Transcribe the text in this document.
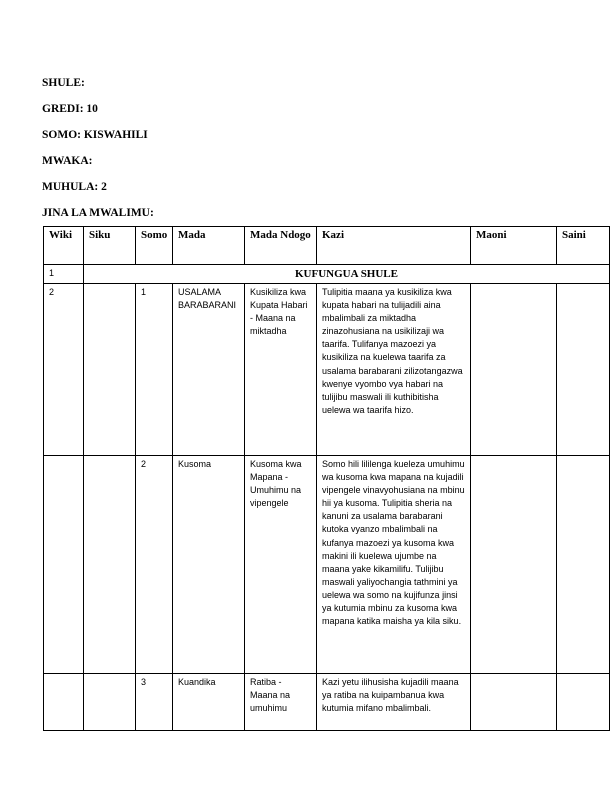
SHULE:
GREDI: 10
SOMO: KISWAHILI
MWAKA:
MUHULA: 2
JINA LA MWALIMU:
Wiki	Siku	Somo	Mada	Mada Ndogo	Kazi	Maoni	Saini
1	KUFUNGUA SHULE						
2		1	USALAMA BARABARANI	Kusikiliza kwa Kupata Habari - Maana na miktadha	Tulipitia maana ya kusikiliza kwa kupata habari na tulijadili aina mbalimbali za miktadha zinazohusiana na usikilizaji wa taarifa. Tulifanya mazoezi ya kusikiliza na kuelewa taarifa za usalama barabarani zilizotangazwa kwenye vyombo vya habari na tulijibu maswali ili kuthibitisha uelewa wa taarifa hizo.		
		2	Kusoma	Kusoma kwa Mapana - Umuhimu na vipengele	Somo hili lililenga kueleza umuhimu wa kusoma kwa mapana na kujadili vipengele vinavyohusiana na mbinu hii ya kusoma. Tulipitia sheria na kanuni za usalama barabarani kutoka vyanzo mbalimbali na kufanya mazoezi ya kusoma kwa makini ili kuelewa ujumbe na maana yake kikamilifu. Tulijibu maswali yaliyochangia tathmini ya uelewa wa somo na kujifunza jinsi ya kutumia mbinu za kusoma kwa mapana katika maisha ya kila siku.		
		3	Kuandika	Ratiba - Maana na umuhimu	Kazi yetu ilihusisha kujadili maana ya ratiba na kuipambanua kwa kutumia mifano mbalimbali.		
